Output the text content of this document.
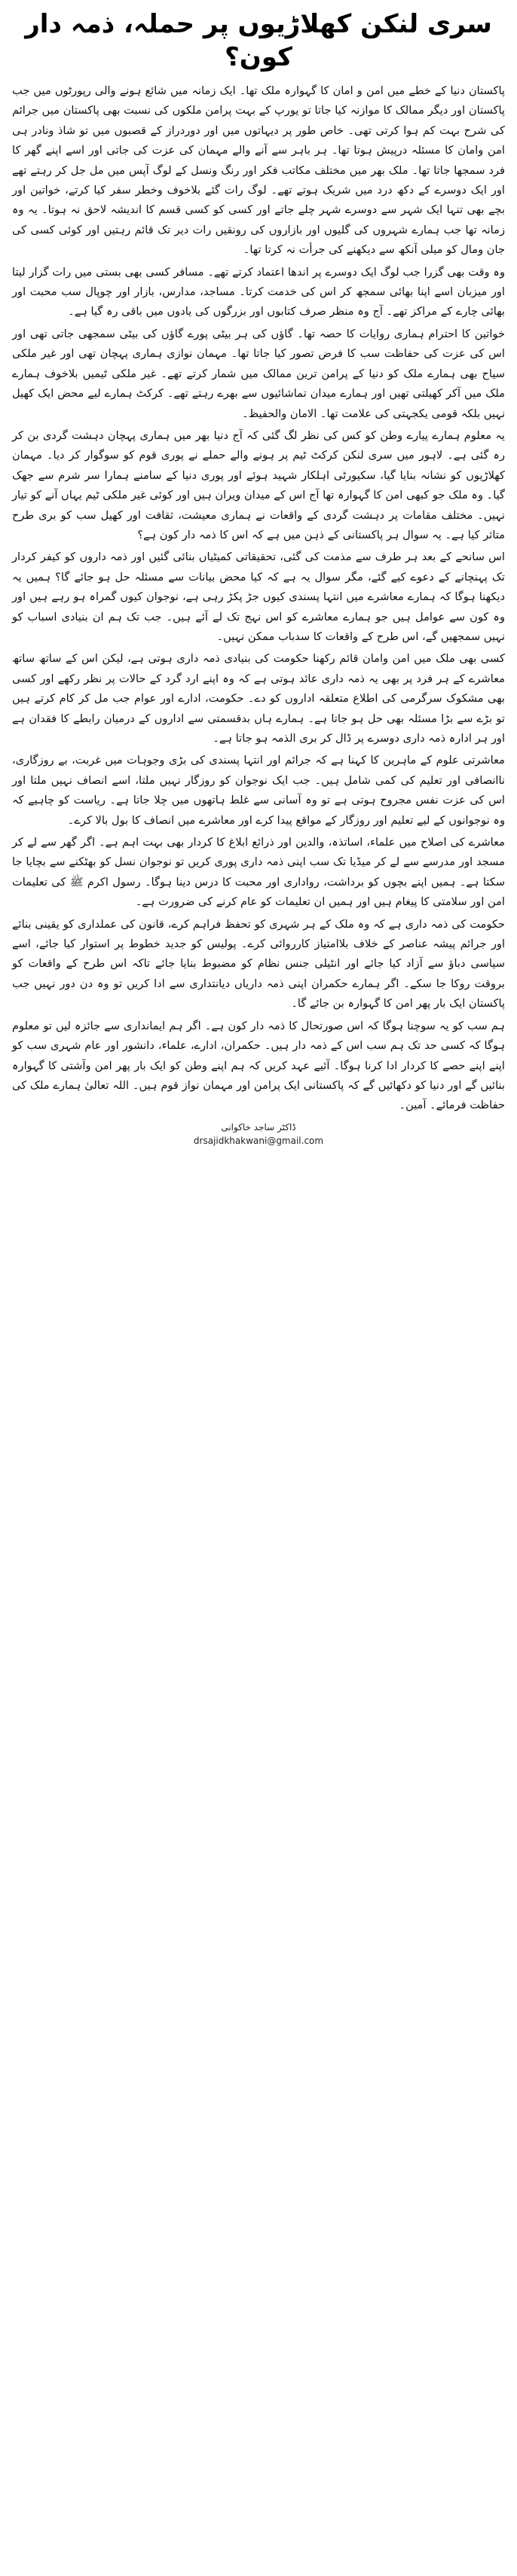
سری لنکن کھلاڑیوں پر حملہ، ذمہ دار کون؟

پاکستان دنیا کے خطے میں امن و امان کا گہوارہ ملک تھا۔ ایک زمانہ میں شائع ہونے والی رپورٹوں میں جب پاکستان اور دیگر ممالک کا موازنہ کیا جاتا تو یورپ کے بہت پرامن ملکوں کی نسبت بھی پاکستان میں جرائم کی شرح بہت کم ہوا کرتی تھی۔ خاص طور پر دیہاتوں میں اور دوردراز کے قصبوں میں تو شاذ ونادر ہی امن وامان کا مسئلہ درپیش ہوتا تھا۔ ہر باہر سے آنے والے مہمان کی عزت کی جاتی اور اسے اپنے گھر کا فرد سمجھا جاتا تھا۔ ملک بھر میں مختلف مکاتب فکر اور رنگ ونسل کے لوگ آپس میں مل جل کر رہتے تھے اور ایک دوسرے کے دکھ درد میں شریک ہوتے تھے۔ لوگ رات گئے بلاخوف وخطر سفر کیا کرتے، خواتین اور بچے بھی تنہا ایک شہر سے دوسرے شہر چلے جاتے اور کسی کو کسی قسم کا اندیشہ لاحق نہ ہوتا۔ یہ وہ زمانہ تھا جب ہمارے شہروں کی گلیوں اور بازاروں کی رونقیں رات دیر تک قائم رہتیں اور کوئی کسی کی جان ومال کو میلی آنکھ سے دیکھنے کی جرأت نہ کرتا تھا۔

وہ وقت بھی گزرا جب لوگ ایک دوسرے پر اندھا اعتماد کرتے تھے۔ مسافر کسی بھی بستی میں رات گزار لیتا اور میزبان اسے اپنا بھائی سمجھ کر اس کی خدمت کرتا۔ مساجد، مدارس، بازار اور چوپال سب محبت اور بھائی چارے کے مراکز تھے۔ آج وہ منظر صرف کتابوں اور بزرگوں کی یادوں میں باقی رہ گیا ہے۔

خواتین کا احترام ہماری روایات کا حصہ تھا۔ گاؤں کی ہر بیٹی پورے گاؤں کی بیٹی سمجھی جاتی تھی اور اس کی عزت کی حفاظت سب کا فرض تصور کیا جاتا تھا۔ مہمان نوازی ہماری پہچان تھی اور غیر ملکی سیاح بھی ہمارے ملک کو دنیا کے پرامن ترین ممالک میں شمار کرتے تھے۔ غیر ملکی ٹیمیں بلاخوف ہمارے ملک میں آکر کھیلتی تھیں اور ہمارے میدان تماشائیوں سے بھرے رہتے تھے۔ کرکٹ ہمارے لیے محض ایک کھیل نہیں بلکہ قومی یکجہتی کی علامت تھا۔ الامان والحفیظ۔

یہ معلوم ہمارے پیارے وطن کو کس کی نظر لگ گئی کہ آج دنیا بھر میں ہماری پہچان دہشت گردی بن کر رہ گئی ہے۔ لاہور میں سری لنکن کرکٹ ٹیم پر ہونے والے حملے نے پوری قوم کو سوگوار کر دیا۔ مہمان کھلاڑیوں کو نشانہ بنایا گیا، سکیورٹی اہلکار شہید ہوئے اور پوری دنیا کے سامنے ہمارا سر شرم سے جھک گیا۔ وہ ملک جو کبھی امن کا گہوارہ تھا آج اس کے میدان ویران ہیں اور کوئی غیر ملکی ٹیم یہاں آنے کو تیار نہیں۔ مختلف مقامات پر دہشت گردی کے واقعات نے ہماری معیشت، ثقافت اور کھیل سب کو بری طرح متاثر کیا ہے۔ یہ سوال ہر پاکستانی کے ذہن میں ہے کہ اس کا ذمہ دار کون ہے؟

اس سانحے کے بعد ہر طرف سے مذمت کی گئی، تحقیقاتی کمیٹیاں بنائی گئیں اور ذمہ داروں کو کیفر کردار تک پہنچانے کے دعوے کیے گئے، مگر سوال یہ ہے کہ کیا محض بیانات سے مسئلہ حل ہو جائے گا؟ ہمیں یہ دیکھنا ہوگا کہ ہمارے معاشرے میں انتہا پسندی کیوں جڑ پکڑ رہی ہے، نوجوان کیوں گمراہ ہو رہے ہیں اور وہ کون سے عوامل ہیں جو ہمارے معاشرے کو اس نہج تک لے آئے ہیں۔ جب تک ہم ان بنیادی اسباب کو نہیں سمجھیں گے، اس طرح کے واقعات کا سدباب ممکن نہیں۔

کسی بھی ملک میں امن وامان قائم رکھنا حکومت کی بنیادی ذمہ داری ہوتی ہے، لیکن اس کے ساتھ ساتھ معاشرے کے ہر فرد پر بھی یہ ذمہ داری عائد ہوتی ہے کہ وہ اپنے ارد گرد کے حالات پر نظر رکھے اور کسی بھی مشکوک سرگرمی کی اطلاع متعلقہ اداروں کو دے۔ حکومت، ادارے اور عوام جب مل کر کام کرتے ہیں تو بڑے سے بڑا مسئلہ بھی حل ہو جاتا ہے۔ ہمارے ہاں بدقسمتی سے اداروں کے درمیان رابطے کا فقدان ہے اور ہر ادارہ ذمہ داری دوسرے پر ڈال کر بری الذمہ ہو جاتا ہے۔

معاشرتی علوم کے ماہرین کا کہنا ہے کہ جرائم اور انتہا پسندی کی بڑی وجوہات میں غربت، بے روزگاری، ناانصافی اور تعلیم کی کمی شامل ہیں۔ جب ایک نوجوان کو روزگار نہیں ملتا، اسے انصاف نہیں ملتا اور اس کی عزت نفس مجروح ہوتی ہے تو وہ آسانی سے غلط ہاتھوں میں چلا جاتا ہے۔ ریاست کو چاہیے کہ وہ نوجوانوں کے لیے تعلیم اور روزگار کے مواقع پیدا کرے اور معاشرے میں انصاف کا بول بالا کرے۔

معاشرے کی اصلاح میں علماء، اساتذہ، والدین اور ذرائع ابلاغ کا کردار بھی بہت اہم ہے۔ اگر گھر سے لے کر مسجد اور مدرسے سے لے کر میڈیا تک سب اپنی ذمہ داری پوری کریں تو نوجوان نسل کو بھٹکنے سے بچایا جا سکتا ہے۔ ہمیں اپنے بچوں کو برداشت، رواداری اور محبت کا درس دینا ہوگا۔ رسول اکرم ﷺ کی تعلیمات امن اور سلامتی کا پیغام ہیں اور ہمیں ان تعلیمات کو عام کرنے کی ضرورت ہے۔

حکومت کی ذمہ داری ہے کہ وہ ملک کے ہر شہری کو تحفظ فراہم کرے، قانون کی عملداری کو یقینی بنائے اور جرائم پیشہ عناصر کے خلاف بلاامتیاز کارروائی کرے۔ پولیس کو جدید خطوط پر استوار کیا جائے، اسے سیاسی دباؤ سے آزاد کیا جائے اور انٹیلی جنس نظام کو مضبوط بنایا جائے تاکہ اس طرح کے واقعات کو بروقت روکا جا سکے۔ اگر ہمارے حکمران اپنی ذمہ داریاں دیانتداری سے ادا کریں تو وہ دن دور نہیں جب پاکستان ایک بار پھر امن کا گہوارہ بن جائے گا۔

ہم سب کو یہ سوچنا ہوگا کہ اس صورتحال کا ذمہ دار کون ہے۔ اگر ہم ایمانداری سے جائزہ لیں تو معلوم ہوگا کہ کسی حد تک ہم سب اس کے ذمہ دار ہیں۔ حکمران، ادارے، علماء، دانشور اور عام شہری سب کو اپنے اپنے حصے کا کردار ادا کرنا ہوگا۔ آئیے عہد کریں کہ ہم اپنے وطن کو ایک بار پھر امن وآشتی کا گہوارہ بنائیں گے اور دنیا کو دکھائیں گے کہ پاکستانی ایک پرامن اور مہمان نواز قوم ہیں۔ اللہ تعالیٰ ہمارے ملک کی حفاظت فرمائے۔ آمین۔

ڈاکٹر ساجد خاکوانی
drsajidkhakwani@gmail.com
